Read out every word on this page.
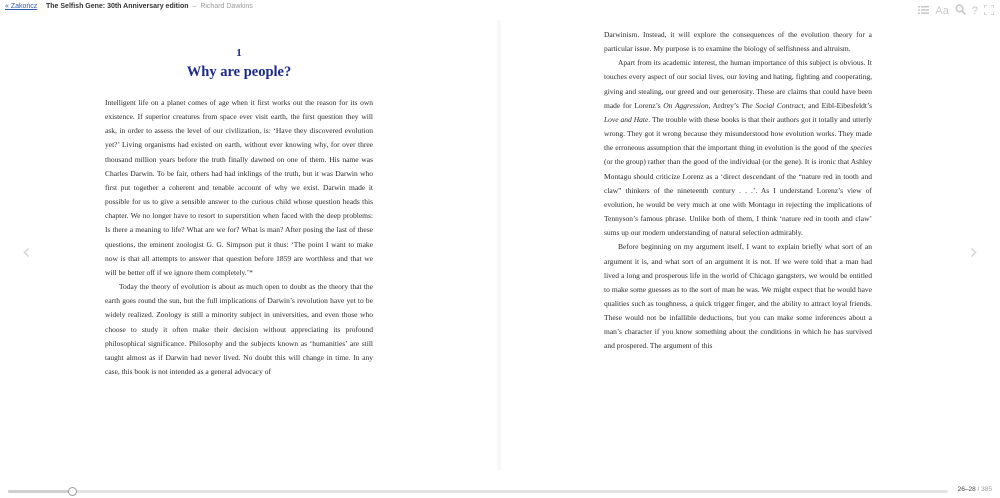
« Zakończ The Selfish Gene: 30th Anniversary edition – Richard Dawkins	Aa ?
1
Why are people?

Intelligent life on a planet comes of age when it first works out the reason for its own existence. If superior creatures from space ever visit earth, the first question they will ask, in order to assess the level of our civilization, is: ‘Have they discovered evolution yet?’ Living organisms had existed on earth, without ever knowing why, for over three thousand million years before the truth finally dawned on one of them. His name was Charles Darwin. To be fair, others had had inklings of the truth, but it was Darwin who first put together a coherent and tenable account of why we exist. Darwin made it possible for us to give a sensible answer to the curious child whose question heads this chapter. We no longer have to resort to superstition when faced with the deep problems: Is there a meaning to life? What are we for? What is man? After posing the last of these questions, the eminent zoologist G. G. Simpson put it thus: ‘The point I want to make now is that all attempts to answer that question before 1859 are worthless and that we will be better off if we ignore them completely.’*

Today the theory of evolution is about as much open to doubt as the theory that the earth goes round the sun, but the full implications of Darwin’s revolution have yet to be widely realized. Zoology is still a minority subject in universities, and even those who choose to study it often make their decision without appreciating its profound philosophical significance. Philosophy and the subjects known as ‘humanities’ are still taught almost as if Darwin had never lived. No doubt this will change in time. In any case, this book is not intended as a general advocacy of

Darwinism. Instead, it will explore the consequences of the evolution theory for a particular issue. My purpose is to examine the biology of selfishness and altruism.

Apart from its academic interest, the human importance of this subject is obvious. It touches every aspect of our social lives, our loving and hating, fighting and cooperating, giving and stealing, our greed and our generosity. These are claims that could have been made for Lorenz’s On Aggression, Ardrey’s The Social Contract, and Eibl-Eibesfeldt’s Love and Hate. The trouble with these books is that their authors got it totally and utterly wrong. They got it wrong because they misunderstood how evolution works. They made the erroneous assumption that the important thing in evolution is the good of the species (or the group) rather than the good of the individual (or the gene). It is ironic that Ashley Montagu should criticize Lorenz as a ‘direct descendant of the “nature red in tooth and claw” thinkers of the nineteenth century . . .’. As I understand Lorenz’s view of evolution, he would be very much at one with Montagu in rejecting the implications of Tennyson’s famous phrase. Unlike both of them, I think ‘nature red in tooth and claw’ sums up our modern understanding of natural selection admirably.

Before beginning on my argument itself, I want to explain briefly what sort of an argument it is, and what sort of an argument it is not. If we were told that a man had lived a long and prosperous life in the world of Chicago gangsters, we would be entitled to make some guesses as to the sort of man he was. We might expect that he would have qualities such as toughness, a quick trigger finger, and the ability to attract loyal friends. These would not be infallible deductions, but you can make some inferences about a man’s character if you know something about the conditions in which he has survived and prospered. The argument of this

‹	›
26–28 / 385
